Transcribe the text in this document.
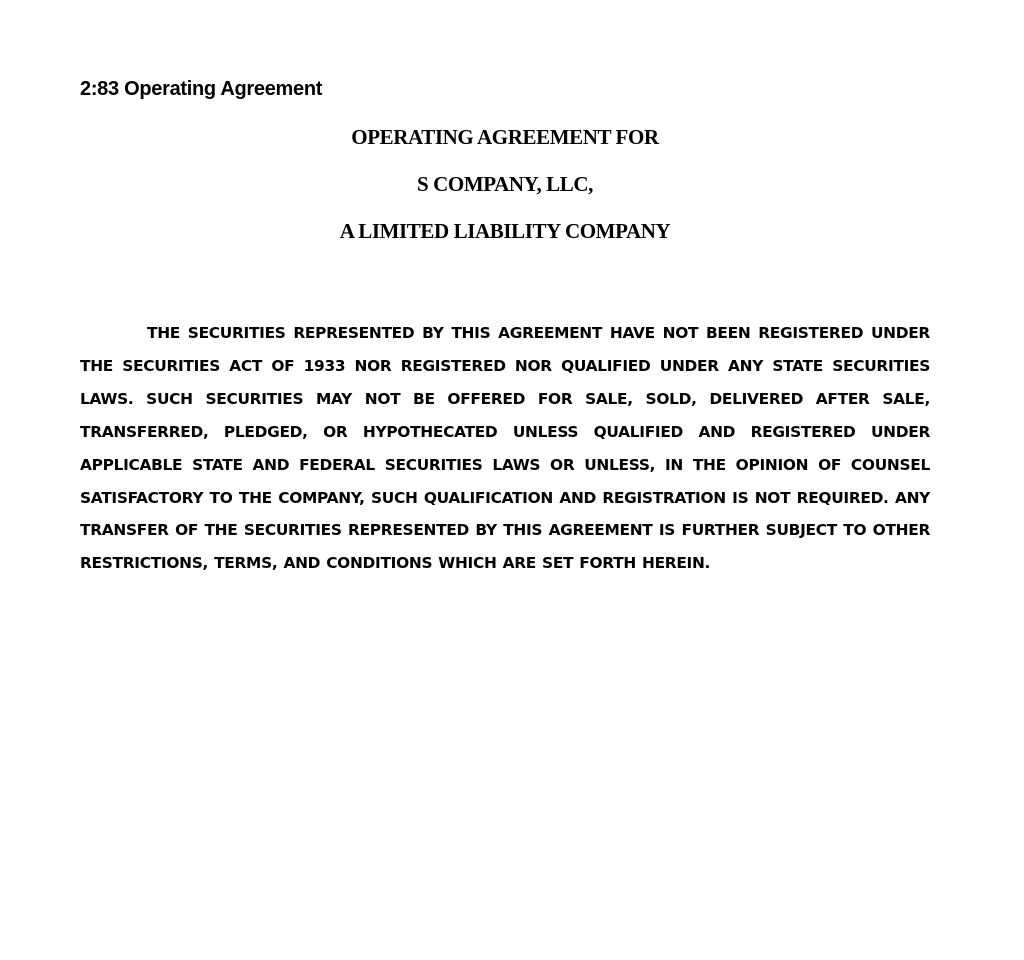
2:83 Operating Agreement
OPERATING AGREEMENT FOR
S COMPANY, LLC,
A LIMITED LIABILITY COMPANY

THE SECURITIES REPRESENTED BY THIS AGREEMENT HAVE NOT BEEN REGISTERED UNDER THE SECURITIES ACT OF 1933 NOR REGISTERED NOR QUALIFIED UNDER ANY STATE SECURITIES LAWS. SUCH SECURITIES MAY NOT BE OFFERED FOR SALE, SOLD, DELIVERED AFTER SALE, TRANSFERRED, PLEDGED, OR HYPOTHECATED UNLESS QUALIFIED AND REGISTERED UNDER APPLICABLE STATE AND FEDERAL SECURITIES LAWS OR UNLESS, IN THE OPINION OF COUNSEL SATISFACTORY TO THE COMPANY, SUCH QUALIFICATION AND REGISTRATION IS NOT REQUIRED. ANY TRANSFER OF THE SECURITIES REPRESENTED BY THIS AGREEMENT IS FURTHER SUBJECT TO OTHER RESTRICTIONS, TERMS, AND CONDITIONS WHICH ARE SET FORTH HEREIN.
